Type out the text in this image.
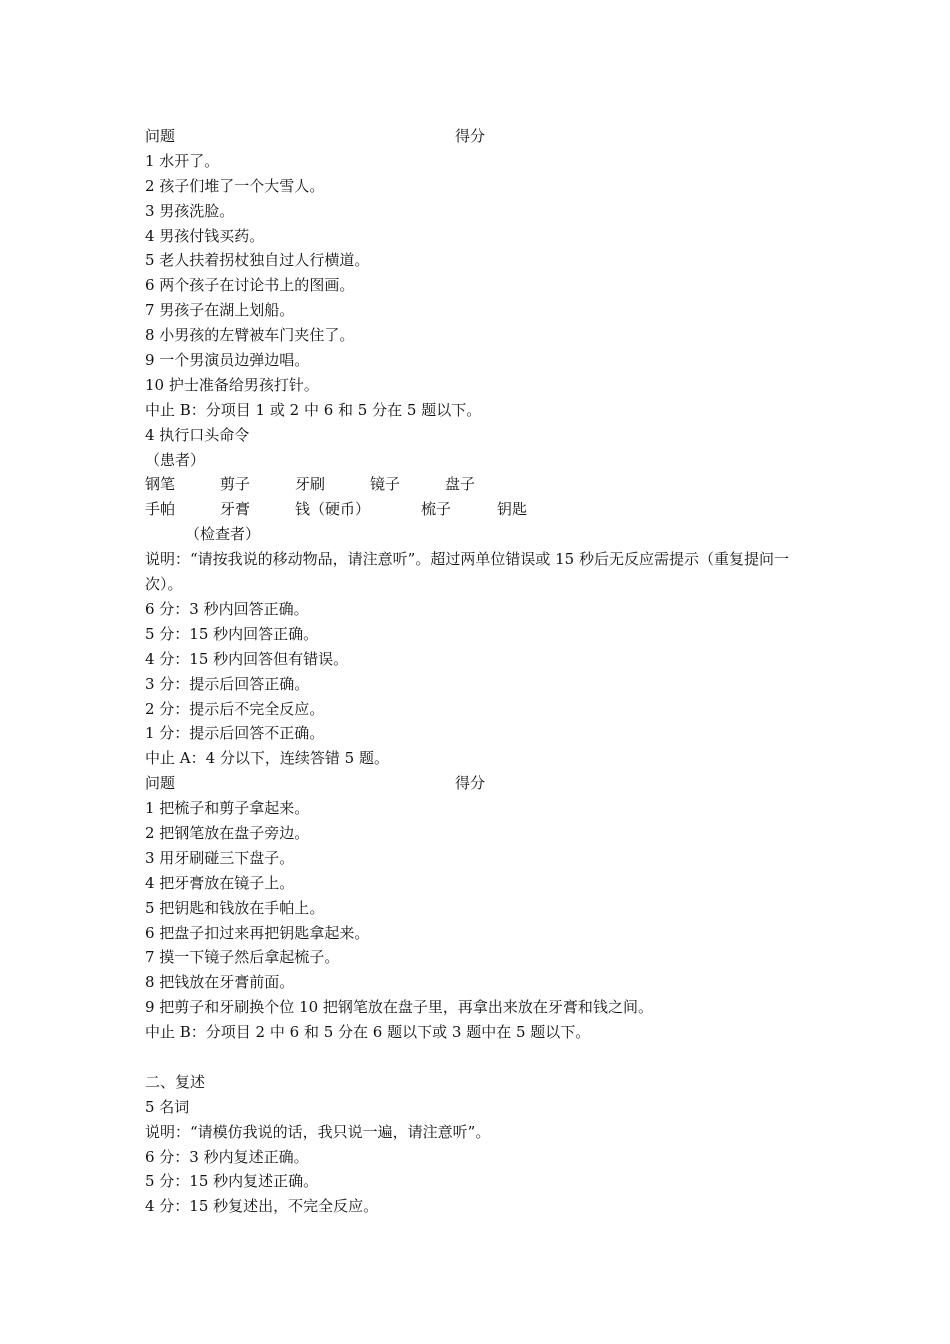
问题	得分
1 水开了。
2 孩子们堆了一个大雪人。
3 男孩洗脸。
4 男孩付钱买药。
5 老人扶着拐杖独自过人行横道。
6 两个孩子在讨论书上的图画。
7 男孩子在湖上划船。
8 小男孩的左臂被车门夹住了。
9 一个男演员边弹边唱。
10 护士准备给男孩打针。
中止 B：分项目 1 或 2 中 6 和 5 分在 5 题以下。
4 执行口头命令
（患者）
钢笔	剪子	牙刷	镜子	盘子
手帕	牙膏	钱（硬币）	梳子	钥匙
（检查者）
说明：“请按我说的移动物品，请注意听”。超过两单位错误或 15 秒后无反应需提示（重复提问一次）。
6 分：3 秒内回答正确。
5 分：15 秒内回答正确。
4 分：15 秒内回答但有错误。
3 分：提示后回答正确。
2 分：提示后不完全反应。
1 分：提示后回答不正确。
中止 A：4 分以下，连续答错 5 题。
问题	得分
1 把梳子和剪子拿起来。
2 把钢笔放在盘子旁边。
3 用牙刷碰三下盘子。
4 把牙膏放在镜子上。
5 把钥匙和钱放在手帕上。
6 把盘子扣过来再把钥匙拿起来。
7 摸一下镜子然后拿起梳子。
8 把钱放在牙膏前面。
9 把剪子和牙刷换个位 10 把钢笔放在盘子里，再拿出来放在牙膏和钱之间。
中止 B：分项目 2 中 6 和 5 分在 6 题以下或 3 题中在 5 题以下。
二、复述
5 名词
说明：“请模仿我说的话，我只说一遍，请注意听”。
6 分：3 秒内复述正确。
5 分：15 秒内复述正确。
4 分：15 秒复述出，不完全反应。
